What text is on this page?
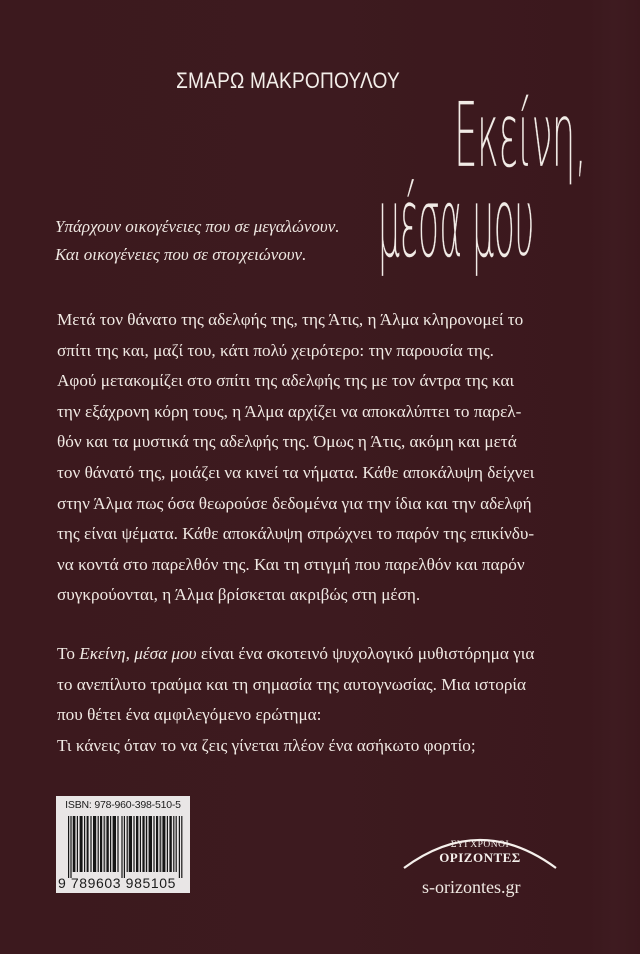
ΣΜΑΡΩ ΜΑΚΡΟΠΟΥΛΟΥ
Εκείνη,
μέσα μου
Υπάρχουν οικογένειες που σε μεγαλώνουν.
Και οικογένειες που σε στοιχειώνουν.
Μετά τον θάνατο της αδελφής της, της Άτις, η Άλμα κληρονομεί το
σπίτι της και, μαζί του, κάτι πολύ χειρότερο: την παρουσία της.
Αφού μετακομίζει στο σπίτι της αδελφής της με τον άντρα της και
την εξάχρονη κόρη τους, η Άλμα αρχίζει να αποκαλύπτει το παρελ-
θόν και τα μυστικά της αδελφής της. Όμως η Άτις, ακόμη και μετά
τον θάνατό της, μοιάζει να κινεί τα νήματα. Κάθε αποκάλυψη δείχνει
στην Άλμα πως όσα θεωρούσε δεδομένα για την ίδια και την αδελφή
της είναι ψέματα. Κάθε αποκάλυψη σπρώχνει το παρόν της επικίνδυ-
να κοντά στο παρελθόν της. Και τη στιγμή που παρελθόν και παρόν
συγκρούονται, η Άλμα βρίσκεται ακριβώς στη μέση.
Το Εκείνη, μέσα μου είναι ένα σκοτεινό ψυχολογικό μυθιστόρημα για
το ανεπίλυτο τραύμα και τη σημασία της αυτογνωσίας. Μια ιστορία
που θέτει ένα αμφιλεγόμενο ερώτημα:
Τι κάνεις όταν το να ζεις γίνεται πλέον ένα ασήκωτο φορτίο;
ISBN: 978-960-398-510-5
9 789603 985105
ΣΥΓΧΡΟΝΟΙ
ΟΡΙΖΟΝΤΕΣ
s-orizontes.gr
